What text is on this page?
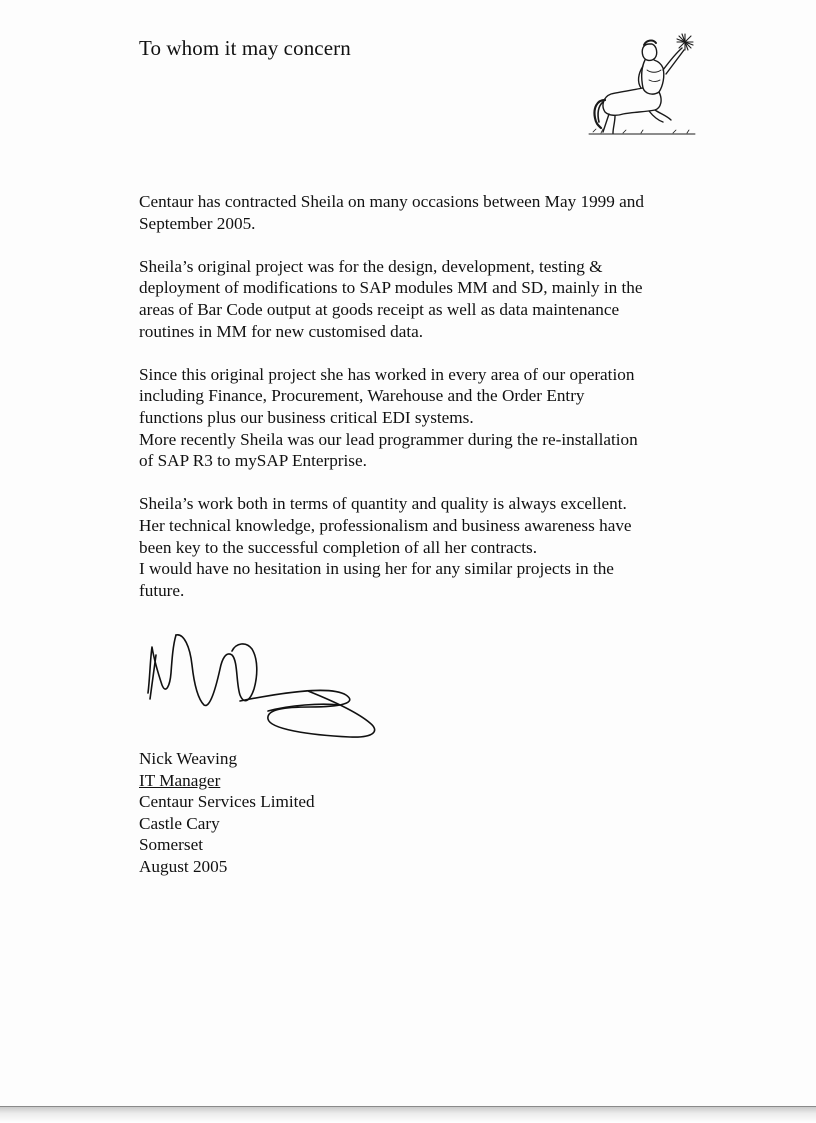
To whom it may concern

Centaur has contracted Sheila on many occasions between May 1999 and
September 2005.

Sheila’s original project was for the design, development, testing &
deployment of modifications to SAP modules MM and SD, mainly in the
areas of Bar Code output at goods receipt as well as data maintenance
routines in MM for new customised data.

Since this original project she has worked in every area of our operation
including Finance, Procurement, Warehouse and the Order Entry
functions plus our business critical EDI systems.
More recently Sheila was our lead programmer during the re-installation
of SAP R3 to mySAP Enterprise.

Sheila’s work both in terms of quantity and quality is always excellent.
Her technical knowledge, professionalism and business awareness have
been key to the successful completion of all her contracts.
I would have no hesitation in using her for any similar projects in the
future.

Nick Weaving
IT Manager
Centaur Services Limited
Castle Cary
Somerset
August 2005
